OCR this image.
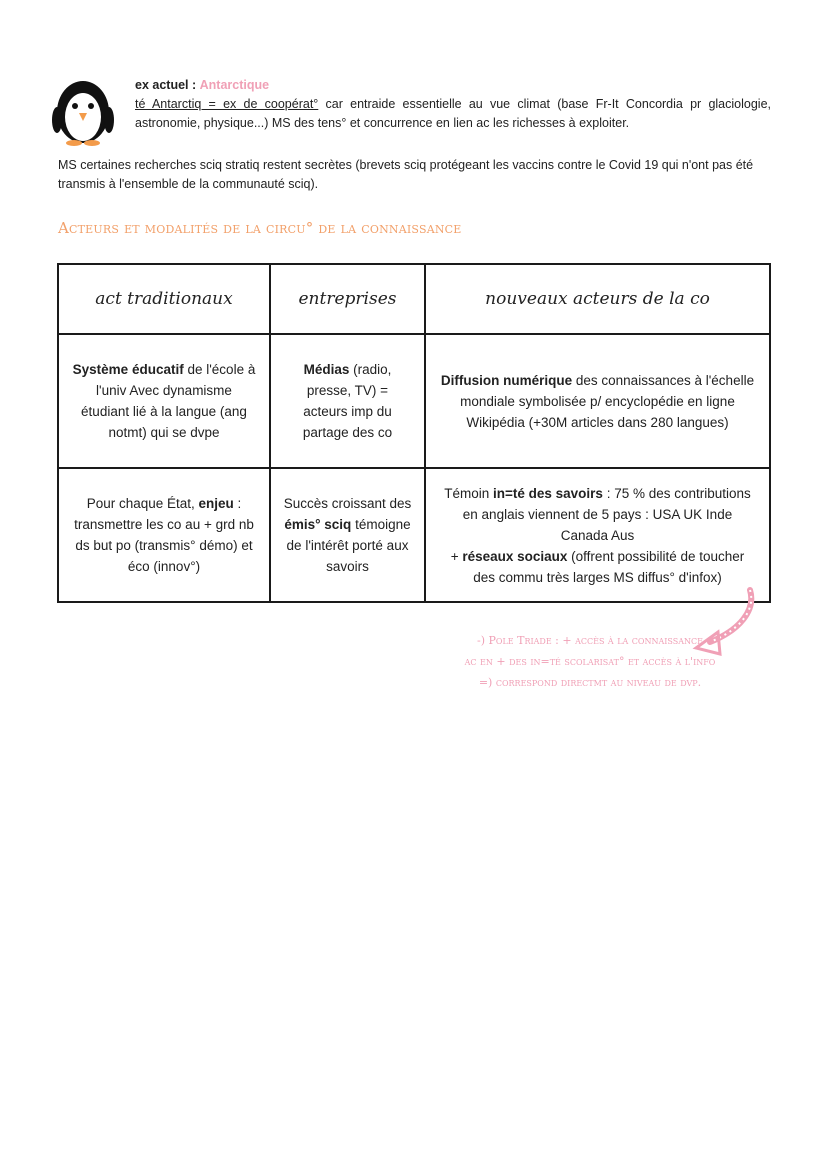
ex actuel : Antarctique
té Antarctiq = ex de coopérat° car entraide essentielle au vue climat (base Fr-It Concordia pr glaciologie, astronomie, physique...) MS des tens° et concurrence en lien ac les richesses à exploiter.
MS certaines recherches sciq stratiq restent secrètes (brevets sciq protégeant les vaccins contre le Covid 19 qui n'ont pas été transmis à l'ensemble de la communauté sciq).
Acteurs et modalités de la circu° de la connaissance
act traditionaux	entreprises	nouveaux acteurs de la co
Système éducatif de l'école à l'univ Avec dynamisme étudiant lié à la langue (ang notmt) qui se dvpe	Médias (radio, presse, TV) = acteurs imp du partage des co	Diffusion numérique des connaissances à l'échelle mondiale symbolisée p/ encyclopédie en ligne Wikipédia (+30M articles dans 280 langues)
Pour chaque État, enjeu : transmettre les co au + grd nb ds but po (transmis° démo) et éco (innov°)	Succès croissant des émis° sciq témoigne de l'intérêt porté aux savoirs	Témoin in=té des savoirs : 75 % des contributions en anglais viennent de 5 pays : USA UK Inde Canada Aus
+ réseaux sociaux (offrent possibilité de toucher des commu très larges MS diffus° d'infox)
-) Pole Triade : + accès à la connaissance
ac en + des in=té scolarisat° et accès à l'info
=) correspond directmt au niveau de dvp.
